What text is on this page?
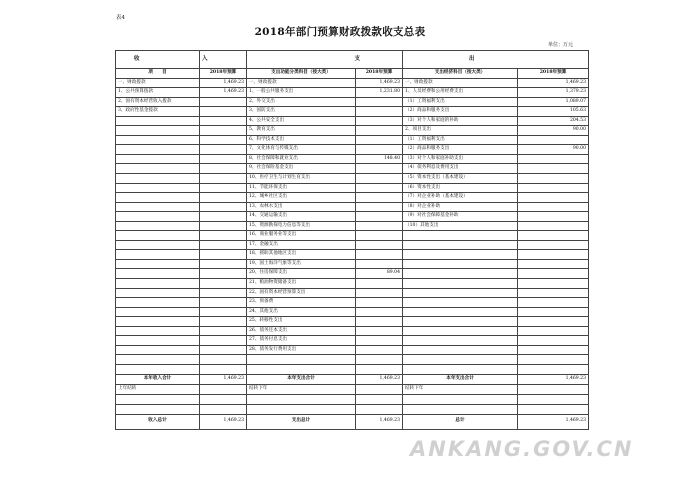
表4
2018年部门预算财政拨款收支总表
单位：万元
收	入	支		出	
项　　目	2018年预算	支出功能分类科目（按大类）	2018年预算	支出经济科目（按大类）	2018年预算
一、财政拨款	1,469.23	一、财政拨款	1,469.23	一、财政拨款	1,469.23
1、公共预算拨款	1,469.23	1、一般公共服务支出	1,231.80	1、人员经费和公用经费支出	1,379.23
2、国有资本经营收入拨款		2、外交支出		（1）工资福利支出	1,089.07
3、政府性基金拨款		3、国防支出		（2）商品和服务支出	105.63
		4、公共安全支出		（3）对个人和家庭的补助	204.53
		5、教育支出		2、项目支出	90.00
		6、科学技术支出		（1）工资福利支出	
		7、文化体育与传媒支出		（2）商品和服务支出	90.00
		8、社会保障和就业支出	148.40	（3）对个人和家庭补助支出	
		9、社会保险基金支出		（4）债务利息及费用支出	
		10、医疗卫生与计划生育支出		（5）资本性支出（基本建设）	
		11、节能环保支出		（6）资本性支出	
		12、城乡社区支出		（7）对企业补助（基本建设）	
		13、农林水支出		（8）对企业补助	
		14、交通运输支出		（9）对社会保障基金补助	
		15、资源勘探电力信息等支出		（10）其他支出	
		16、商业服务业等支出			
		17、金融支出			
		18、援助其他地区支出			
		19、国土海洋气象等支出			
		20、住房保障支出	89.04		
		21、粮油物资储备支出			
		22、国有资本经营预算支出			
		23、预备费			
		24、其他支出			
		25、转移性支出			
		26、债务还本支出			
		27、债务付息支出			
		28、债务发行费用支出			

本年收入合计	1,469.23	本年支出合计	1,469.23	本年支出合计	1,469.23
上年结转		结转下年		结转下年	

收入总计	1,469.23	支出总计	1,469.23	总计	1,469.23
ANKANG.GOV.CN
